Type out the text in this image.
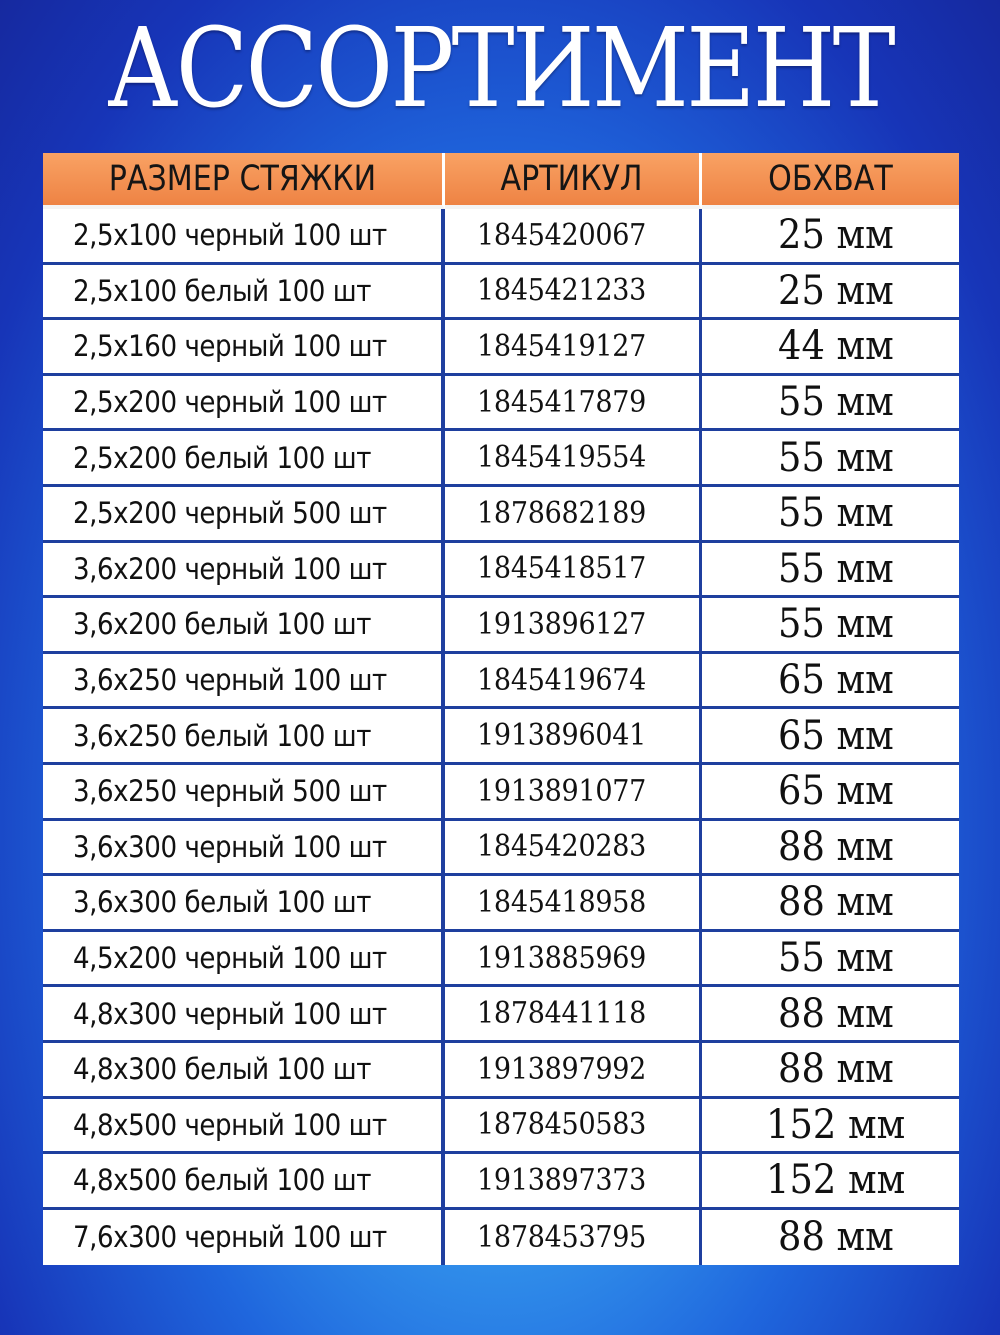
АССОРТИМЕНТ
РАЗМЕР СТЯЖКИ	АРТИКУЛ	ОБХВАТ
2,5х100 черный 100 шт	1845420067	25 мм
2,5х100 белый 100 шт	1845421233	25 мм
2,5х160 черный 100 шт	1845419127	44 мм
2,5х200 черный 100 шт	1845417879	55 мм
2,5х200 белый 100 шт	1845419554	55 мм
2,5х200 черный 500 шт	1878682189	55 мм
3,6х200 черный 100 шт	1845418517	55 мм
3,6х200 белый 100 шт	1913896127	55 мм
3,6х250 черный 100 шт	1845419674	65 мм
3,6х250 белый 100 шт	1913896041	65 мм
3,6х250 черный 500 шт	1913891077	65 мм
3,6х300 черный 100 шт	1845420283	88 мм
3,6х300 белый 100 шт	1845418958	88 мм
4,5х200 черный 100 шт	1913885969	55 мм
4,8х300 черный 100 шт	1878441118	88 мм
4,8х300 белый 100 шт	1913897992	88 мм
4,8х500 черный 100 шт	1878450583	152 мм
4,8х500 белый 100 шт	1913897373	152 мм
7,6х300 черный 100 шт	1878453795	88 мм
